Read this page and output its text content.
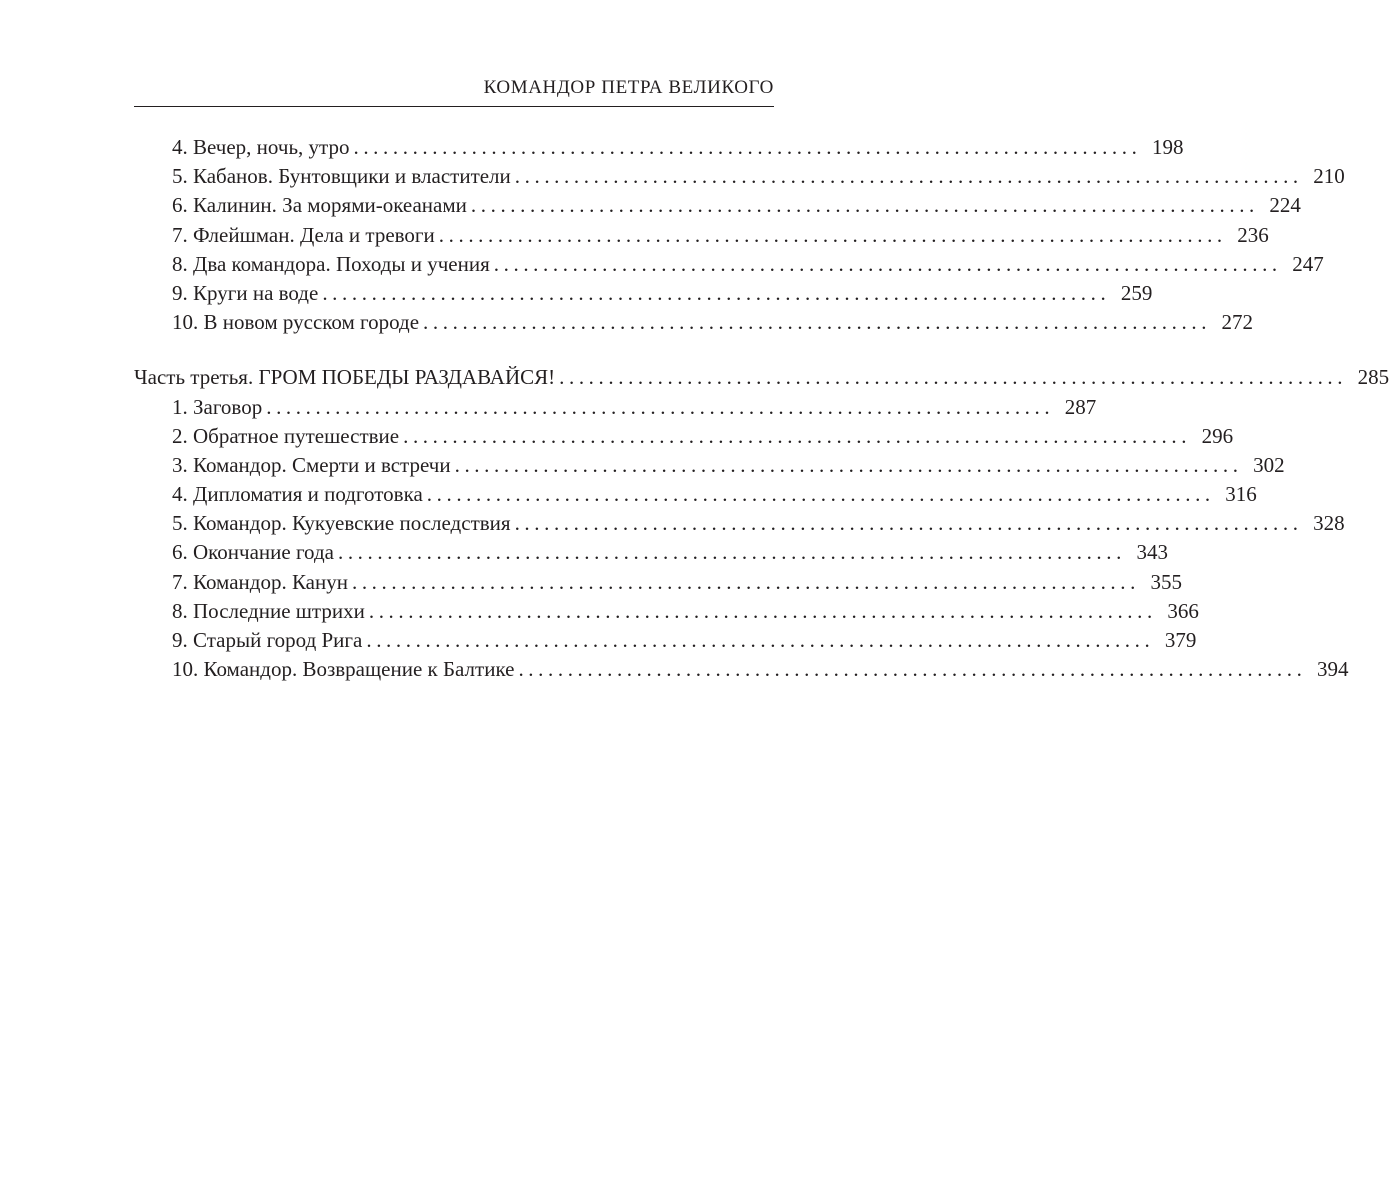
КОМАНДОР ПЕТРА ВЕЛИКОГО
4. Вечер, ночь, утро ................................................................................ 198
5. Кабанов. Бунтовщики и властители ................................................................................ 210
6. Калинин. За морями-океанами ................................................................................ 224
7. Флейшман. Дела и тревоги ................................................................................ 236
8. Два командора. Походы и учения ................................................................................ 247
9. Круги на воде ................................................................................ 259
10. В новом русском городе ................................................................................ 272
Часть третья. ГРОМ ПОБЕДЫ РАЗДАВАЙСЯ! ................................................................................ 285
1. Заговор ................................................................................ 287
2. Обратное путешествие ................................................................................ 296
3. Командор. Смерти и встречи ................................................................................ 302
4. Дипломатия и подготовка ................................................................................ 316
5. Командор. Кукуевские последствия ................................................................................ 328
6. Окончание года ................................................................................ 343
7. Командор. Канун ................................................................................ 355
8. Последние штрихи ................................................................................ 366
9. Старый город Рига ................................................................................ 379
10. Командор. Возвращение к Балтике ................................................................................ 394
